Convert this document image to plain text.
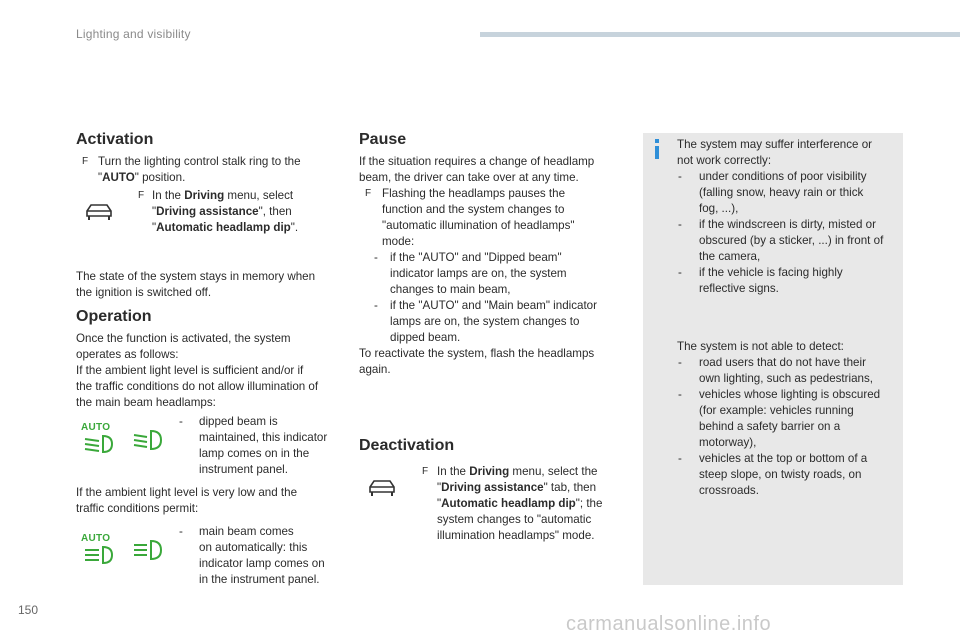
Lighting and visibility
Activation
F Turn the lighting control stalk ring to the
"AUTO" position.
F In the Driving menu, select
"Driving assistance", then
"Automatic headlamp dip".
The state of the system stays in memory when
the ignition is switched off.
Operation
Once the function is activated, the system
operates as follows:
If the ambient light level is sufficient and/or if
the traffic conditions do not allow illumination of
the main beam headlamps:
AUTO	- dipped beam is
maintained, this indicator
lamp comes on in the
instrument panel.
If the ambient light level is very low and the
traffic conditions permit:
AUTO
- main beam comes
on automatically: this
indicator lamp comes on
in the instrument panel.
Pause
If the situation requires a change of headlamp
beam, the driver can take over at any time.
F Flashing the headlamps pauses the
function and the system changes to
"automatic illumination of headlamps"
mode:
- if the "AUTO" and "Dipped beam"
indicator lamps are on, the system
changes to main beam,
- if the "AUTO" and "Main beam" indicator
lamps are on, the system changes to
dipped beam.
To reactivate the system, flash the headlamps
again.
Deactivation
F In the Driving menu, select the
"Driving assistance" tab, then
"Automatic headlamp dip"; the
system changes to "automatic
illumination headlamps" mode.
The system may suffer interference or
not work correctly:
- under conditions of poor visibility
(falling snow, heavy rain or thick
fog, ...),
- if the windscreen is dirty, misted or
obscured (by a sticker, ...) in front of
the camera,
- if the vehicle is facing highly
reflective signs.
The system is not able to detect:
- road users that do not have their
own lighting, such as pedestrians,
- vehicles whose lighting is obscured
(for example: vehicles running
behind a safety barrier on a
motorway),
- vehicles at the top or bottom of a
steep slope, on twisty roads, on
crossroads.
150
carmanualsonline.info
